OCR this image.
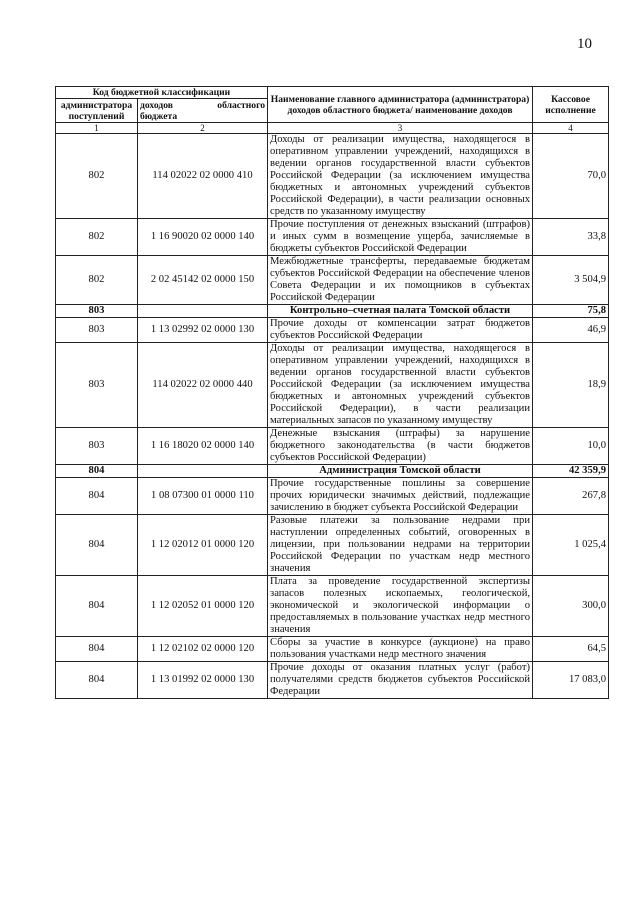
10
Код бюджетной классификации		Наименование главного администратора (администратора) доходов областного бюджета/ наименование доходов	Кассовое исполнение
администратора поступлений	доходов областного
бюджета		

1	2	3	4
802	114 02022 02 0000 410	Доходы от реализации имущества, находящегося в оперативном управлении учреждений, находящихся в ведении органов государственной власти субъектов Российской Федерации (за исключением имущества бюджетных и автономных учреждений субъектов Российской Федерации), в части реализации основных средств по указанному имуществу	70,0
802	1 16 90020 02 0000 140	Прочие поступления от денежных взысканий (штрафов) и иных сумм в возмещение ущерба, зачисляемые в бюджеты субъектов Российской Федерации	33,8
802	2 02 45142 02 0000 150	Межбюджетные трансферты, передаваемые бюджетам субъектов Российской Федерации на обеспечение членов Совета Федерации и их помощников в субъектах Российской Федерации	3 504,9
803		Контрольно–счетная палата Томской области	75,8
803	1 13 02992 02 0000 130	Прочие доходы от компенсации затрат бюджетов субъектов Российской Федерации	46,9
803	114 02022 02 0000 440	Доходы от реализации имущества, находящегося в оперативном управлении учреждений, находящихся в ведении органов государственной власти субъектов Российской Федерации (за исключением имущества бюджетных и автономных учреждений субъектов Российской Федерации), в части реализации материальных запасов по указанному имуществу	18,9
803	1 16 18020 02 0000 140	Денежные взыскания (штрафы) за нарушение бюджетного законодательства (в части бюджетов субъектов Российской Федерации)	10,0
804		Администрация Томской области	42 359,9
804	1 08 07300 01 0000 110	Прочие государственные пошлины за совершение прочих юридически значимых действий, подлежащие зачислению в бюджет субъекта Российской Федерации	267,8
804	1 12 02012 01 0000 120	Разовые платежи за пользование недрами при наступлении определенных событий, оговоренных в лицензии, при пользовании недрами на территории Российской Федерации по участкам недр местного значения	1 025,4
804	1 12 02052 01 0000 120	Плата за проведение государственной экспертизы запасов полезных ископаемых, геологической, экономической и экологической информации о предоставляемых в пользование участках недр местного значения	300,0
804	1 12 02102 02 0000 120	Сборы за участие в конкурсе (аукционе) на право пользования участками недр местного значения	64,5
804	1 13 01992 02 0000 130	Прочие доходы от оказания платных услуг (работ) получателями средств бюджетов субъектов Российской Федерации	17 083,0
